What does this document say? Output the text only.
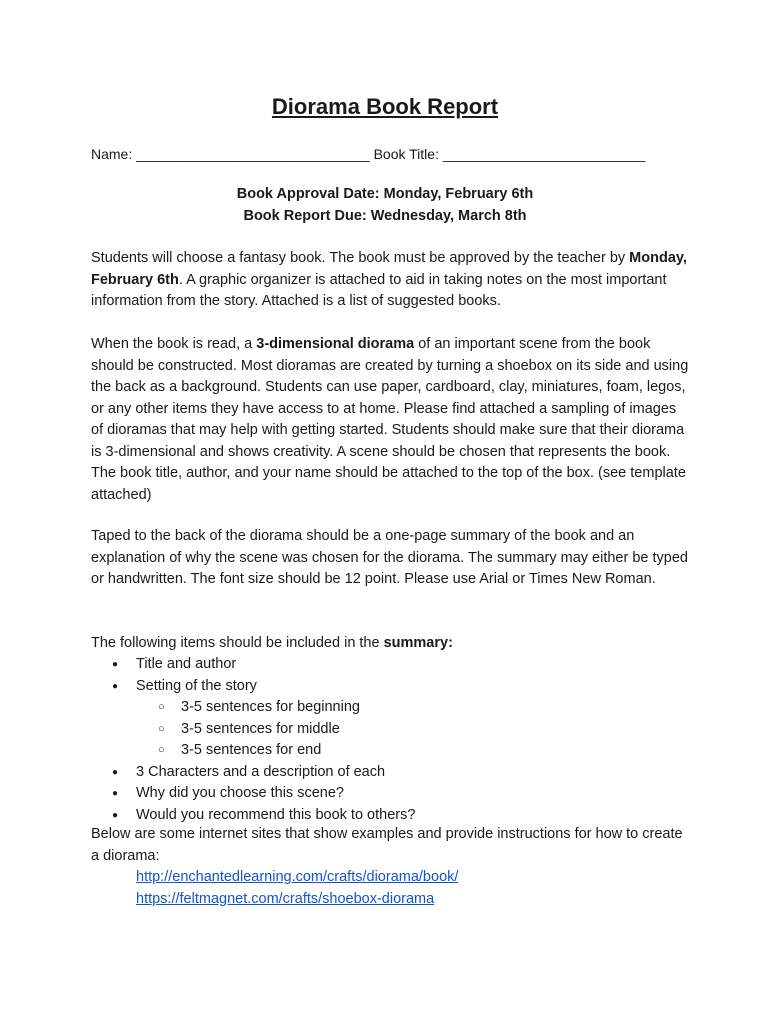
Diorama Book Report
Name: ______________________________ Book Title: __________________________
Book Approval Date: Monday, February 6th
Book Report Due: Wednesday, March 8th

Students will choose a fantasy book. The book must be approved by the teacher by Monday, February 6th. A graphic organizer is attached to aid in taking notes on the most important information from the story. Attached is a list of suggested books.

When the book is read, a 3-dimensional diorama of an important scene from the book should be constructed. Most dioramas are created by turning a shoebox on its side and using the back as a background. Students can use paper, cardboard, clay, miniatures, foam, legos, or any other items they have access to at home. Please find attached a sampling of images of dioramas that may help with getting started. Students should make sure that their diorama is 3-dimensional and shows creativity. A scene should be chosen that represents the book. The book title, author, and your name should be attached to the top of the box. (see template attached)

Taped to the back of the diorama should be a one-page summary of the book and an explanation of why the scene was chosen for the diorama. The summary may either be typed or handwritten. The font size should be 12 point. Please use Arial or Times New Roman.

The following items should be included in the summary:

● Title and author
● Setting of the story
○ 3-5 sentences for beginning
○ 3-5 sentences for middle
○ 3-5 sentences for end
● 3 Characters and a description of each
● Why did you choose this scene?
● Would you recommend this book to others?

Below are some internet sites that show examples and provide instructions for how to create a diorama:

http://enchantedlearning.com/crafts/diorama/book/
https://feltmagnet.com/crafts/shoebox-diorama
